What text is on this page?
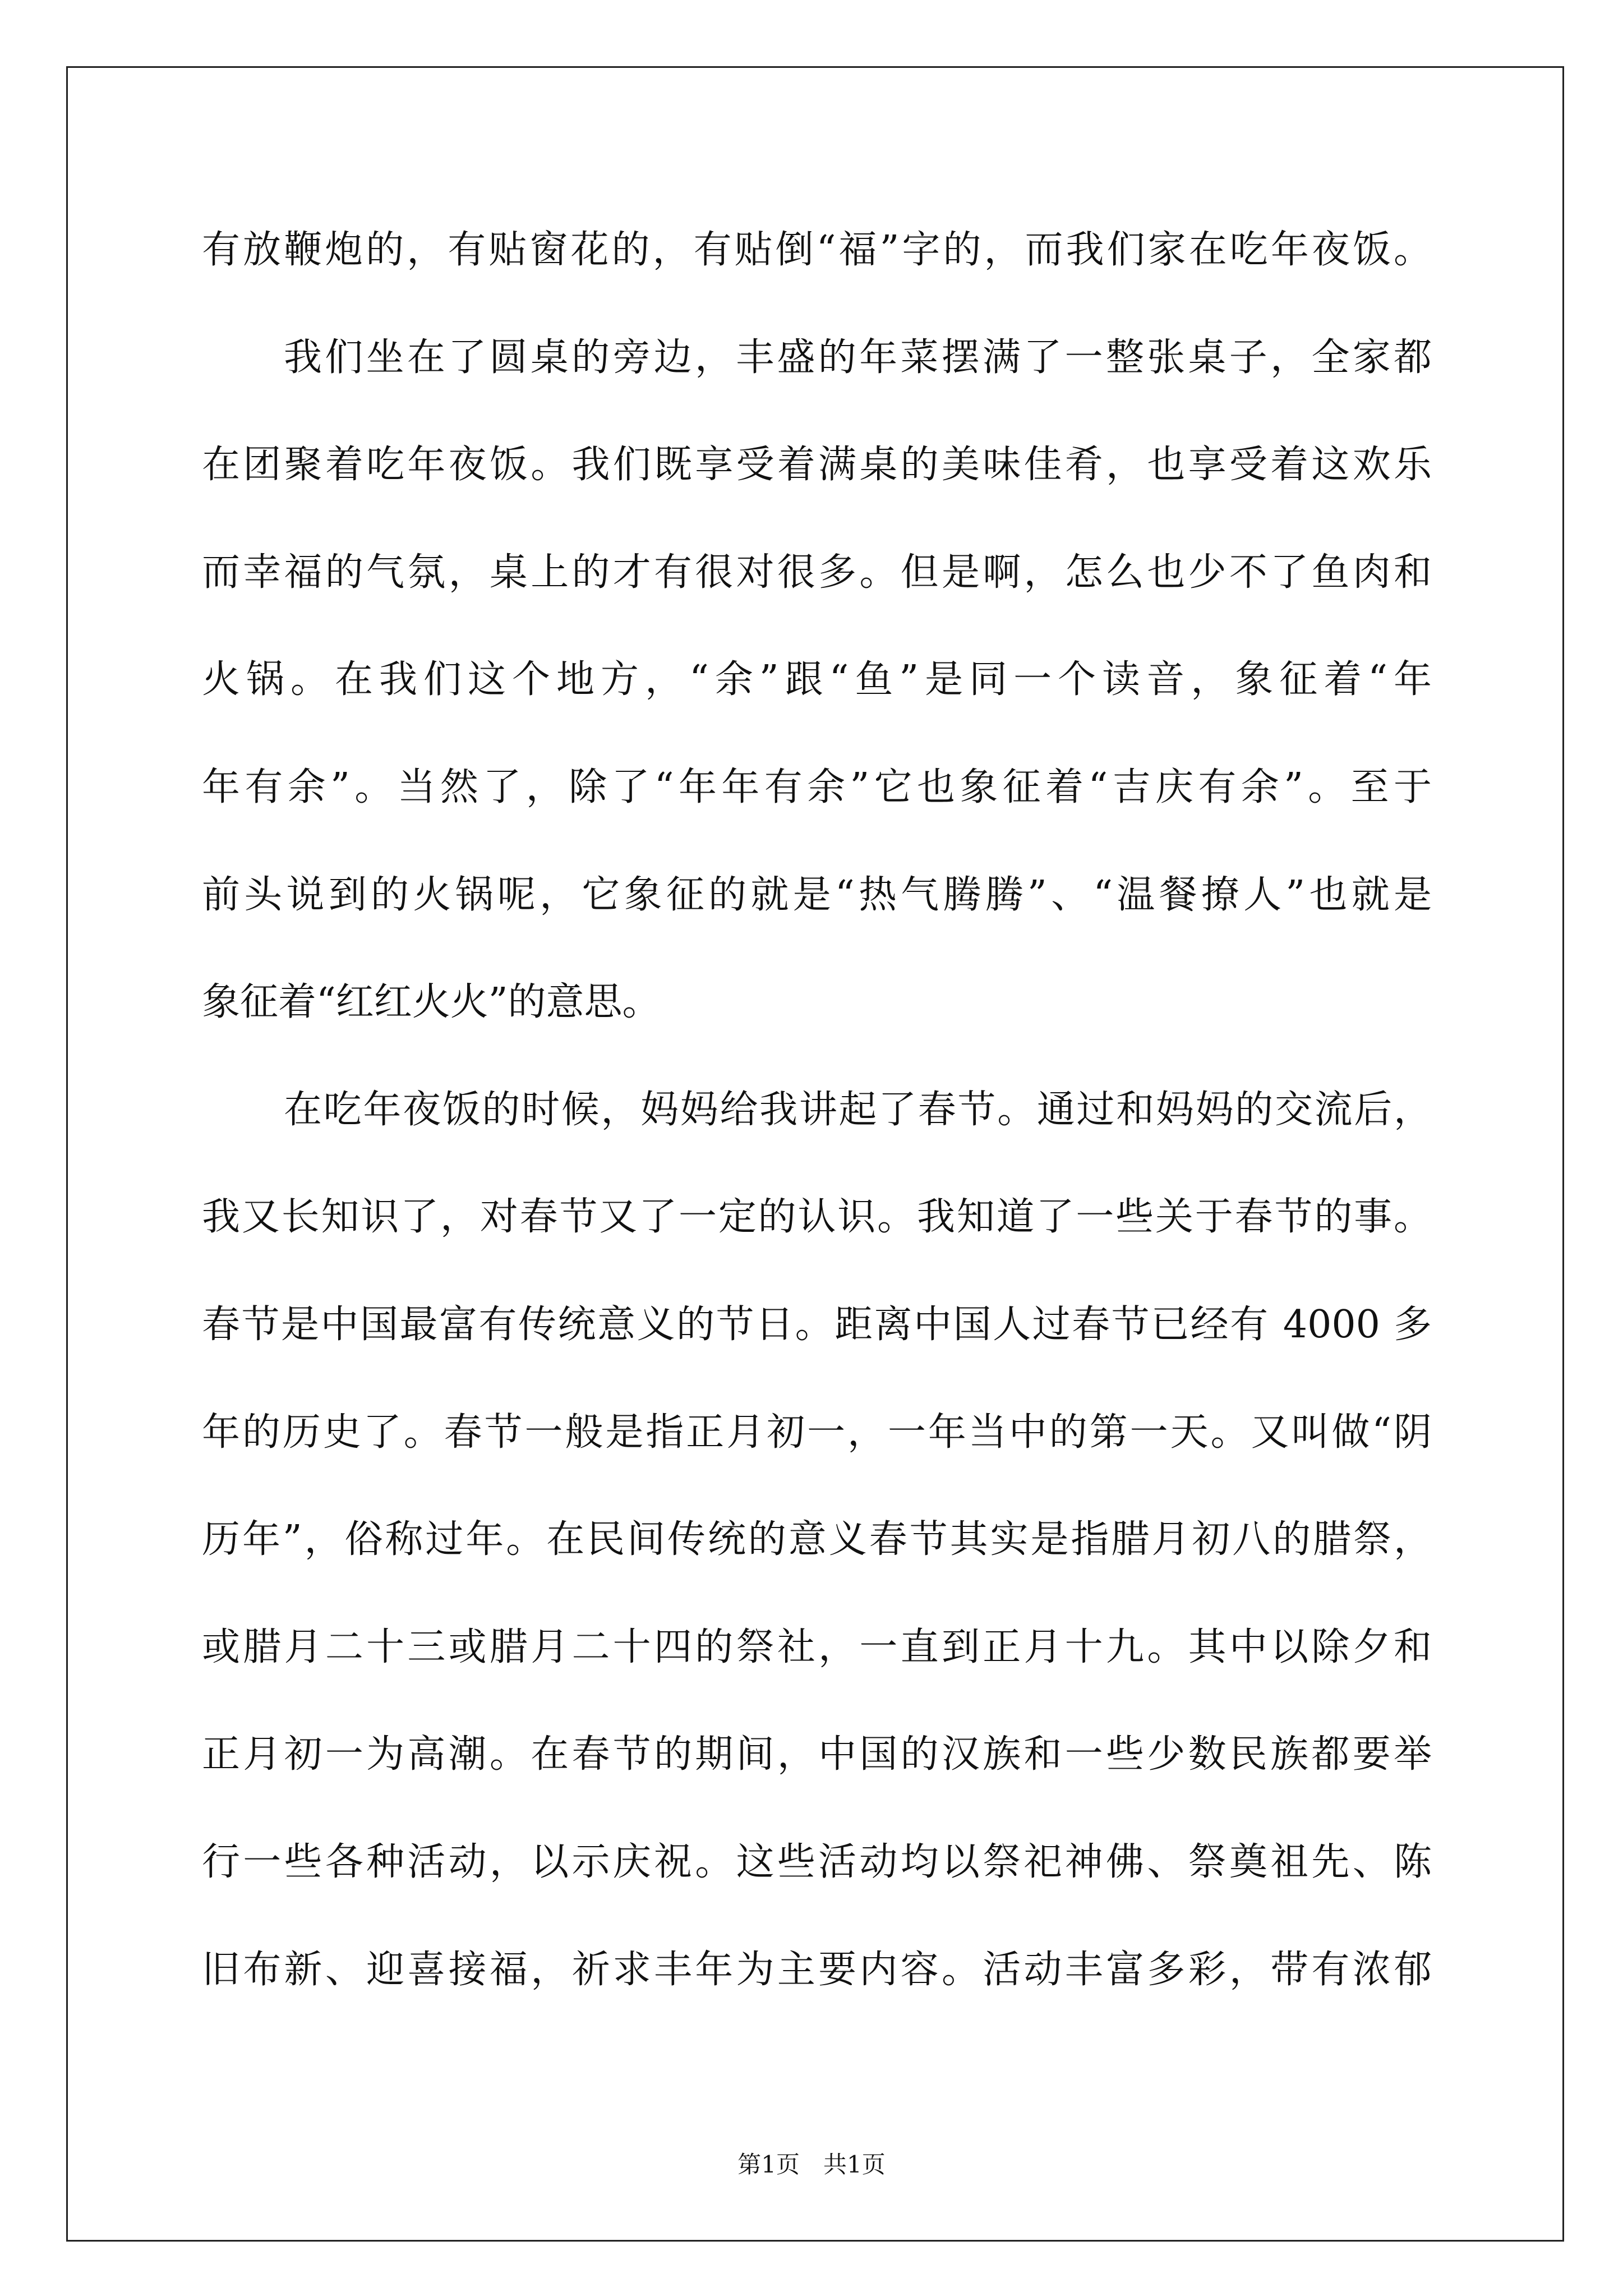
有放鞭炮的，有贴窗花的，有贴倒“福”字的，而我们家在吃年夜饭。
我们坐在了圆桌的旁边，丰盛的年菜摆满了一整张桌子，全家都
在团聚着吃年夜饭。我们既享受着满桌的美味佳肴，也享受着这欢乐
而幸福的气氛，桌上的才有很对很多。但是啊，怎么也少不了鱼肉和
火锅。在我们这个地方，“余”跟“鱼”是同一个读音，象征着“年
年有余”。当然了，除了“年年有余”它也象征着“吉庆有余”。至于
前头说到的火锅呢，它象征的就是“热气腾腾”、“温餐撩人”也就是
象征着“红红火火”的意思。
在吃年夜饭的时候，妈妈给我讲起了春节。通过和妈妈的交流后，
我又长知识了，对春节又了一定的认识。我知道了一些关于春节的事。
春节是中国最富有传统意义的节日。距离中国人过春节已经有 4000 多
年的历史了。春节一般是指正月初一，一年当中的第一天。又叫做“阴
历年”，俗称过年。在民间传统的意义春节其实是指腊月初八的腊祭，
或腊月二十三或腊月二十四的祭社，一直到正月十九。其中以除夕和
正月初一为高潮。在春节的期间，中国的汉族和一些少数民族都要举
行一些各种活动，以示庆祝。这些活动均以祭祀神佛、祭奠祖先、陈
旧布新、迎喜接福，祈求丰年为主要内容。活动丰富多彩，带有浓郁
第1页　共1页
